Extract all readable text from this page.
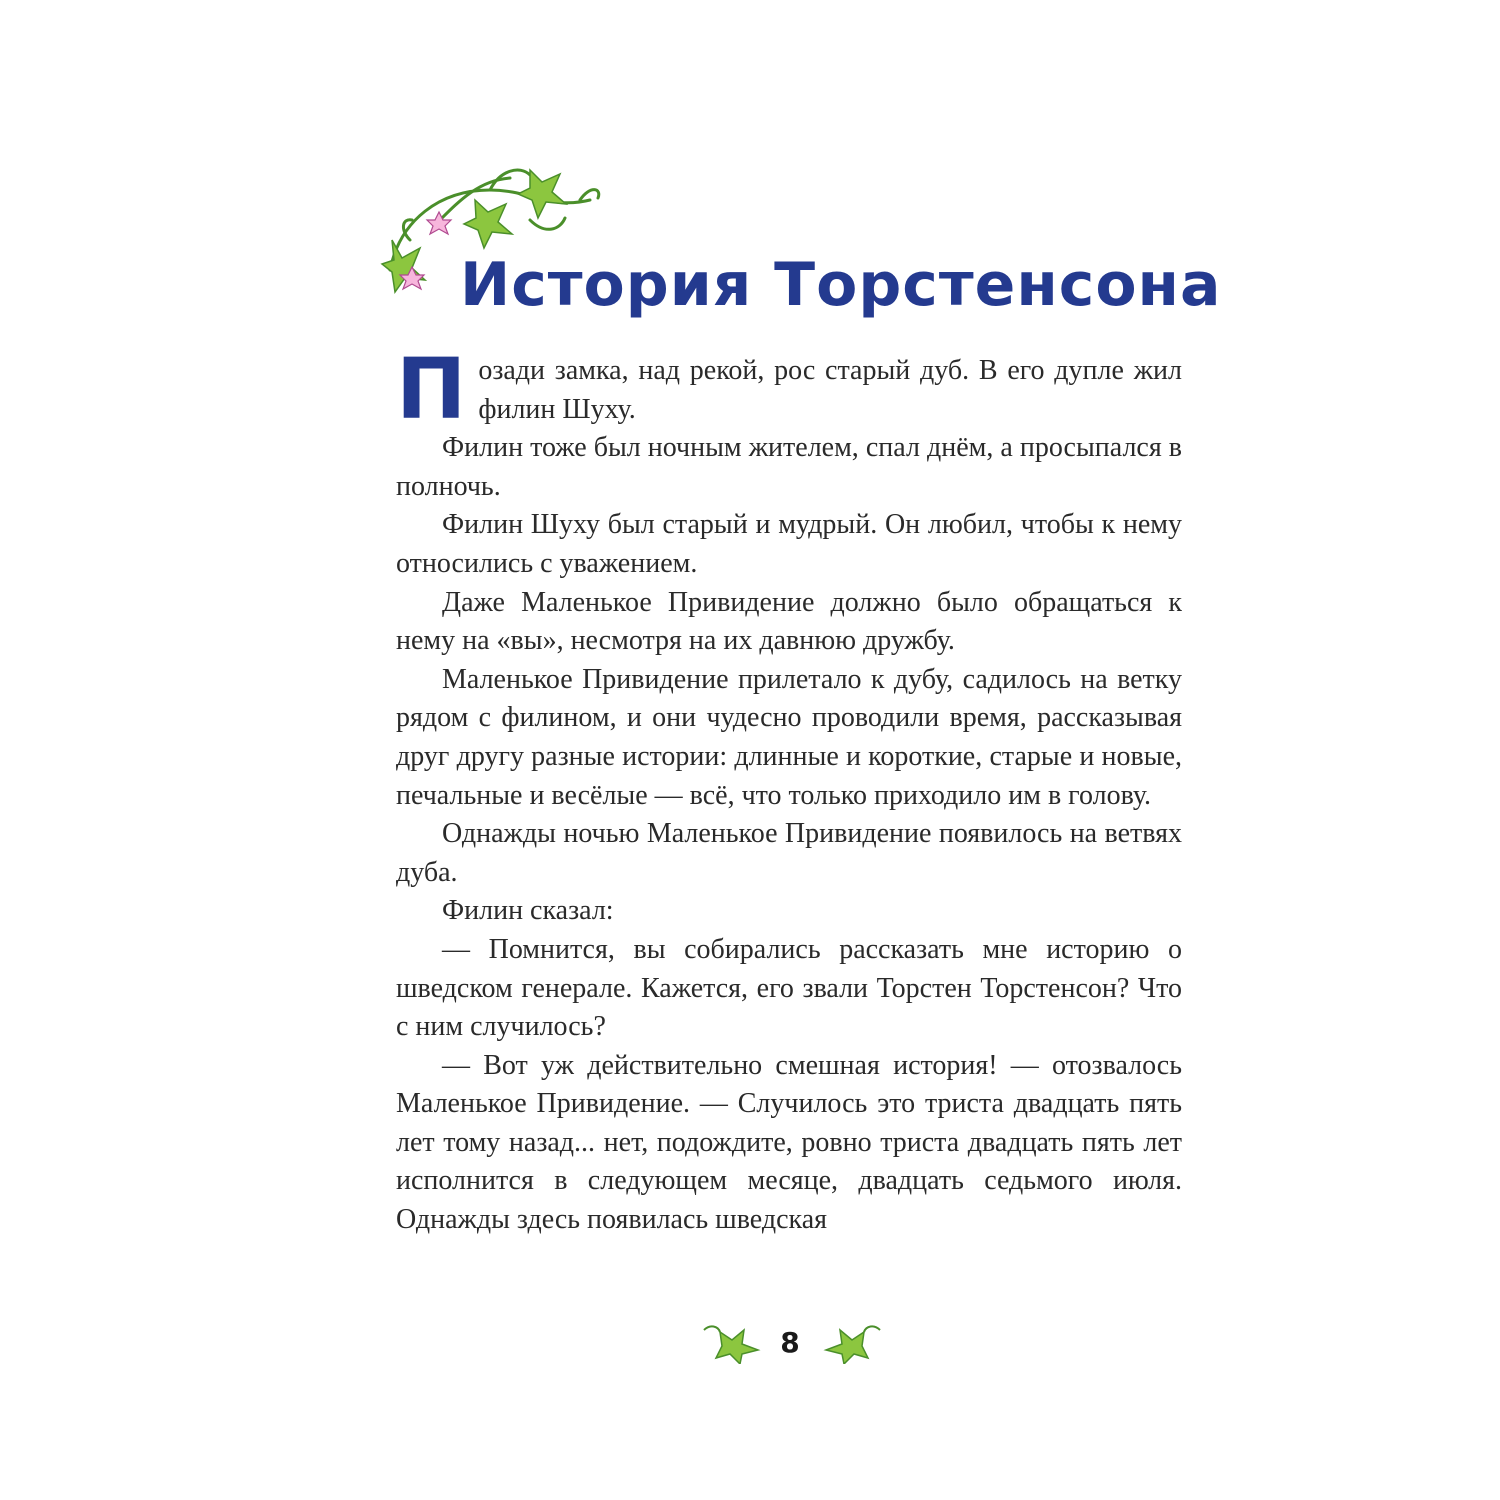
История Торстенсона

Позади замка, над рекой, рос старый дуб. В его дупле жил филин Шуху.

Филин тоже был ночным жителем, спал днём, а просыпался в полночь.

Филин Шуху был старый и мудрый. Он любил, чтобы к нему относились с уважением.

Даже Маленькое Привидение должно было обращаться к нему на «вы», несмотря на их давнюю дружбу.

Маленькое Привидение прилетало к дубу, садилось на ветку рядом с филином, и они чудесно проводили время, рассказывая друг другу разные истории: длинные и короткие, старые и новые, печальные и весёлые — всё, что только приходило им в голову.

Однажды ночью Маленькое Привидение появилось на ветвях дуба.

Филин сказал:

— Помнится, вы собирались рассказать мне историю о шведском генерале. Кажется, его звали Торстен Торстенсон? Что с ним случилось?

— Вот уж действительно смешная история! — отозвалось Маленькое Привидение. — Случилось это триста двадцать пять лет тому назад... нет, подождите, ровно триста двадцать пять лет исполнится в следующем месяце, двадцать седьмого июля. Однажды здесь появилась шведская

8
